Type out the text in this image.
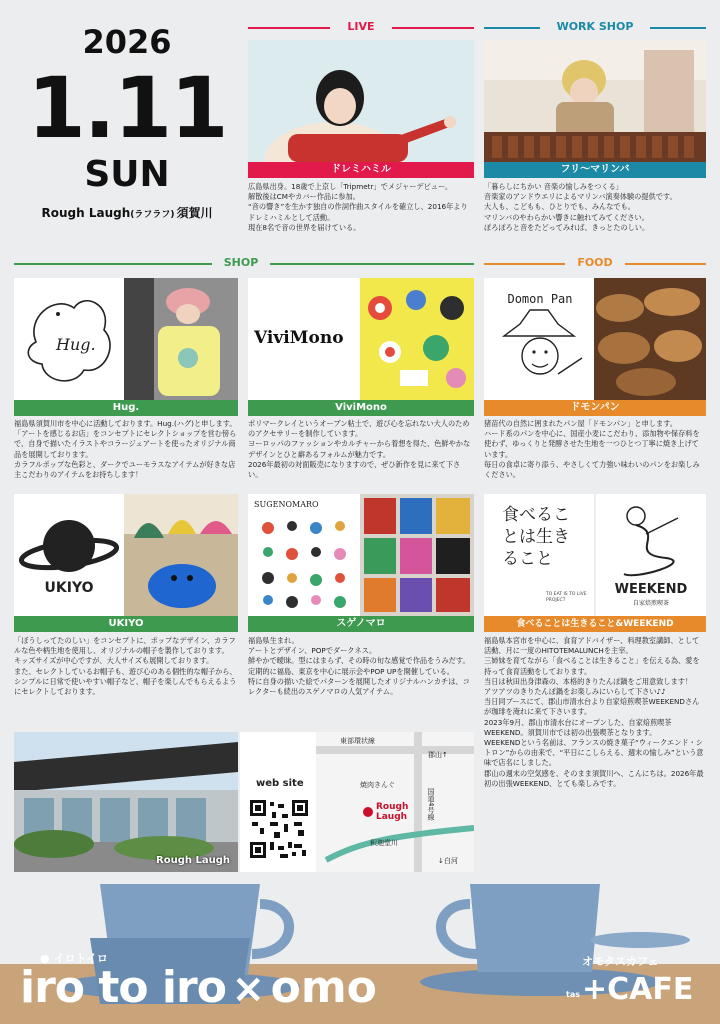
2026
1.11
SUN
Rough Laugh(ラフラフ) 須賀川
LIVE
ドレミハミル
広島県出身。18歳で上京し「Tripmetr」でメジャーデビュー。
解散後はCMやカバー作品に参加。
“音の響き”を生かす独自の作詞作曲スタイルを確立し、2016年よりドレミハミルとして活動。
現在8名で音の世界を届けている。
WORK SHOP
フリ〜マリンバ
「暮らしにちかい 音楽の愉しみをつくる」
音楽家のアンドウエリによるマリンバ演奏体験の提供です。
大人も、こどもも、ひとりでも、みんなでも。
マリンバのやわらかい響きに触れてみてください。
ぽろぽろと音をたどってみれば、きっとたのしい。
SHOP	FOOD
Hug.
Hug.
福島県須賀川市を中心に活動しております。Hug.(ハグ)と申します。「アートを感じるお店」をコンセプトにセレクトショップを営む傍らで、自身で描いたイラストやコラージュアートを使ったオリジナル商品を展開しております。
カラフルポップな色彩と、ダークでユーモラスなアイテムが好きな店主こだわりのアイテムをお持ちします！
ViviMono
ViviMono
ポリマークレイというオーブン粘土で、遊び心を忘れない大人のためのアクセサリーを制作しています。
ヨーロッパのファッションやカルチャーから着想を得た、色鮮やかなデザインとひと癖あるフォルムが魅力です。
2026年最初の対面販売になりますので、ぜひ新作を見に来て下さい。
Domon Pan
ドモンパン
猪苗代の自然に囲まれたパン屋「ドモンパン」と申します。
ハード系のパンを中心に、国産小麦にこだわり、添加物や保存料を使わず、ゆっくりと発酵させた生地を一つひとつ丁寧に焼き上げています。
毎日の食卓に寄り添う、やさしくて力強い味わいのパンをお楽しみください。
UKIYO
UKIYO
「ぼうしってたのしい」をコンセプトに、ポップなデザイン、カラフルな色や柄生地を使用し、オリジナルの帽子を製作しております。
キッズサイズが中心ですが、大人サイズも展開しております。
また、セレクトしているお帽子も、遊び心のある個性的な帽子から、シンプルに日常で使いやすい帽子など、帽子を楽しんでもらえるようにセレクトしております。
SUGENOMARO
スゲノマロ
福島県生まれ。
アートとデザイン、POPでダークネス。
鮮やかで曖昧。型にはまらず、その時の旬な感覚で作品をうみだす。定期的に福島、東京を中心に展示会やPOP UPを開催している。
特に自身の描いた絵でパターンを展開したオリジナルハンカチは、コレクターも続出のスゲノマロの人気アイテム。
食べることは生きること
TO EAT IS TO LIVE PROJECT
WEEKEND
自家焙煎喫茶
食べることは生きること&WEEKEND
福島県本宮市を中心に、食育アドバイザー、料理教室講師、として活動、月に一度のHITOTEMALUNCHを主宰。
三姉妹を育てながら「食べることは生きること」を伝える為、愛を持って食育活動をしております。
当日は秋田出身津森の、本格的きりたんぽ鍋をご用意致します！
アツアツのきりたんぽ鍋をお楽しみにいらして下さい♪♪
当日同ブースにて、郡山市清水台より自家焙煎喫茶WEEKENDさんが珈琲を淹れに来て下さいます。
2023年9月、郡山市清水台にオープンした、自家焙煎喫茶WEEKEND。須賀川市では初の出張喫茶となります。
WEEKENDという名前は、フランスの焼き菓子“ウィークエンド・シトロン”からの由来で、“平日にこしらえる、週末の愉しみ”という意味で店名にしました。
郡山の週末の空気感を、そのまま須賀川へ、こんにちは。2026年最初の出張WEEKEND、とても楽しみです。
Rough Laugh
web site
東部環状線
郡山↑
焼肉きんぐ
国道4号線
Rough Laugh
釈迦堂川
↓白河
● イロトイロ
iro to iro × omo
オモタスカフェ
tas +CAFE
